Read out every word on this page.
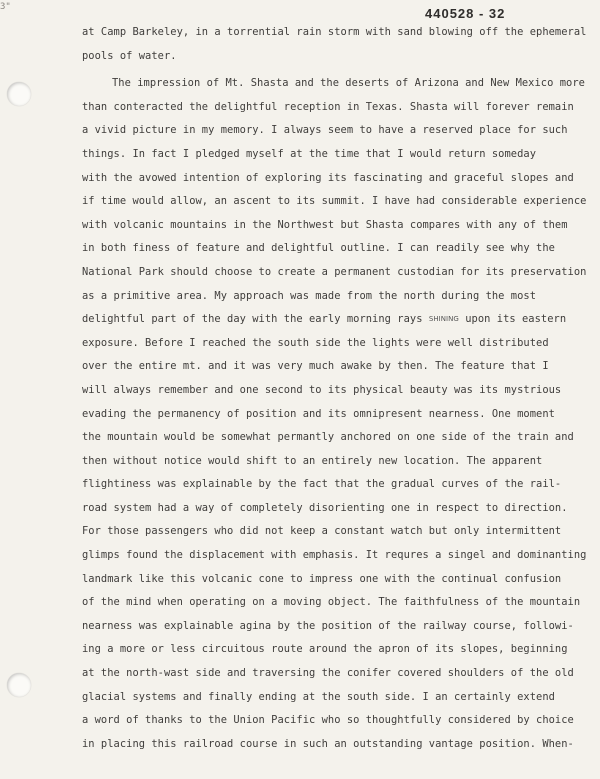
3"	440528 - 32
at Camp Barkeley, in a torrential rain storm with sand blowing off the ephemeral
pools of water.
The impression of Mt. Shasta and the deserts of Arizona and New Mexico more
than conteracted the delightful reception in Texas. Shasta will forever remain
a vivid picture in my memory. I always seem to have a reserved place for such
things. In fact I pledged myself at the time that I would return someday
with the avowed intention of exploring its fascinating and graceful slopes and
if time would allow, an ascent to its summit. I have had considerable experience
with volcanic mountains in the Northwest but Shasta compares with any of them
in both finess of feature and delightful outline. I can readily see why the
National Park should choose to create a permanent custodian for its preservation
as a primitive area. My approach was made from the north during the most
delightful part of the day with the early morning rays SHINING upon its eastern
exposure. Before I reached the south side the lights were well distributed
over the entire mt. and it was very much awake by then. The feature that I
will always remember and one second to its physical beauty was its mystrious
evading the permanency of position and its omnipresent nearness. One moment
the mountain would be somewhat permantly anchored on one side of the train and
then without notice would shift to an entirely new location. The apparent
flightiness was explainable by the fact that the gradual curves of the rail-
road system had a way of completely disorienting one in respect to direction.
For those passengers who did not keep a constant watch but only intermittent
glimps found the displacement with emphasis. It requres a singel and dominanting
landmark like this volcanic cone to impress one with the continual confusion
of the mind when operating on a moving object. The faithfulness of the mountain
nearness was explainable agina by the position of the railway course, followi-
ing a more or less circuitous route around the apron of its slopes, beginning
at the north-wast side and traversing the conifer covered shoulders of the old
glacial systems and finally ending at the south side. I an certainly extend
a word of thanks to the Union Pacific who so thoughtfully considered by choice
in placing this railroad course in such an outstanding vantage position. When-
